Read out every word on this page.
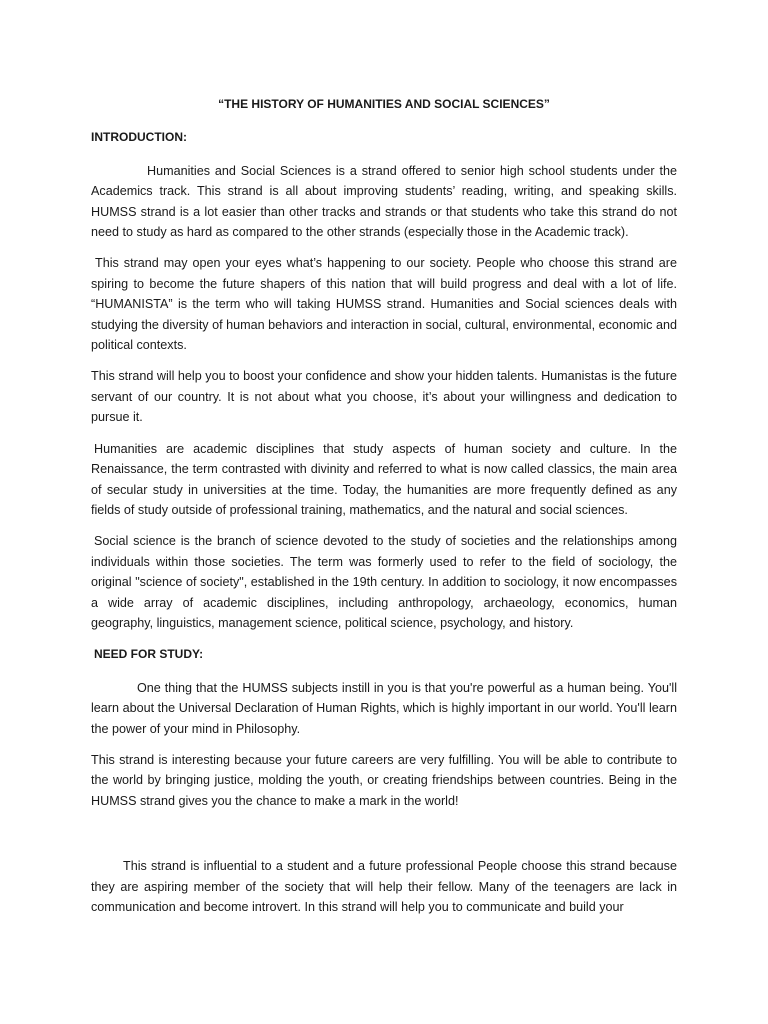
“THE HISTORY OF HUMANITIES AND SOCIAL SCIENCES”
INTRODUCTION:

Humanities and Social Sciences is a strand offered to senior high school students under the Academics track. This strand is all about improving students’ reading, writing, and speaking skills. HUMSS strand is a lot easier than other tracks and strands or that students who take this strand do not need to study as hard as compared to the other strands (especially those in the Academic track).

This strand may open your eyes what’s happening to our society. People who choose this strand are spiring to become the future shapers of this nation that will build progress and deal with a lot of life. “HUMANISTA” is the term who will taking HUMSS strand. Humanities and Social sciences deals with studying the diversity of human behaviors and interaction in social, cultural, environmental, economic and political contexts.

This strand will help you to boost your confidence and show your hidden talents. Humanistas is the future servant of our country. It is not about what you choose, it’s about your willingness and dedication to pursue it.

Humanities are academic disciplines that study aspects of human society and culture. In the Renaissance, the term contrasted with divinity and referred to what is now called classics, the main area of secular study in universities at the time. Today, the humanities are more frequently defined as any fields of study outside of professional training, mathematics, and the natural and social sciences.

Social science is the branch of science devoted to the study of societies and the relationships among individuals within those societies. The term was formerly used to refer to the field of sociology, the original "science of society", established in the 19th century. In addition to sociology, it now encompasses a wide array of academic disciplines, including anthropology, archaeology, economics, human geography, linguistics, management science, political science, psychology, and history.

NEED FOR STUDY:

One thing that the HUMSS subjects instill in you is that you're powerful as a human being. You'll learn about the Universal Declaration of Human Rights, which is highly important in our world. You'll learn the power of your mind in Philosophy.

This strand is interesting because your future careers are very fulfilling. You will be able to contribute to the world by bringing justice, molding the youth, or creating friendships between countries. Being in the HUMSS strand gives you the chance to make a mark in the world!

This strand is influential to a student and a future professional People choose this strand because they are aspiring member of the society that will help their fellow. Many of the teenagers are lack in communication and become introvert. In this strand will help you to communicate and build your
